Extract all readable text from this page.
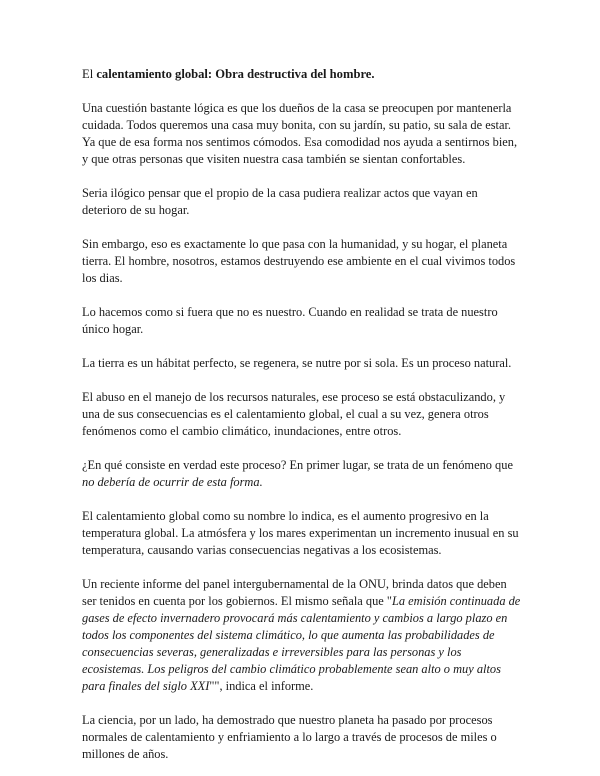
El calentamiento global: Obra destructiva del hombre.

Una cuestión bastante lógica es que los dueños de la casa se preocupen por mantenerla cuidada. Todos queremos una casa muy bonita, con su jardín, su patio, su sala de estar. Ya que de esa forma nos sentimos cómodos. Esa comodidad nos ayuda a sentirnos bien, y que otras personas que visiten nuestra casa también se sientan confortables.

Seria ilógico pensar que el propio de la casa pudiera realizar actos que vayan en deterioro de su hogar.

Sin embargo, eso es exactamente lo que pasa con la humanidad, y su hogar, el planeta tierra. El hombre, nosotros, estamos destruyendo ese ambiente en el cual vivimos todos los dias.

Lo hacemos como si fuera que no es nuestro. Cuando en realidad se trata de nuestro único hogar.

La tierra es un hábitat perfecto, se regenera, se nutre por si sola. Es un proceso natural.

El abuso en el manejo de los recursos naturales, ese proceso se está obstaculizando, y una de sus consecuencias es el calentamiento global, el cual a su vez, genera otros fenómenos como el cambio climático, inundaciones, entre otros.

¿En qué consiste en verdad este proceso? En primer lugar, se trata de un fenómeno que no debería de ocurrir de esta forma.

El calentamiento global como su nombre lo indica, es el aumento progresivo en la temperatura global. La atmósfera y los mares experimentan un incremento inusual en su temperatura, causando varias consecuencias negativas a los ecosistemas.

Un reciente informe del panel intergubernamental de la ONU, brinda datos que deben ser tenidos en cuenta por los gobiernos. El mismo señala que "La emisión continuada de gases de efecto invernadero provocará más calentamiento y cambios a largo plazo en todos los componentes del sistema climático, lo que aumenta las probabilidades de consecuencias severas, generalizadas e irreversibles para las personas y los ecosistemas. Los peligros del cambio climático probablemente sean alto o muy altos para finales del siglo XXI"", indica el informe.

La ciencia, por un lado, ha demostrado que nuestro planeta ha pasado por procesos normales de calentamiento y enfriamiento a lo largo a través de procesos de miles o millones de años.
